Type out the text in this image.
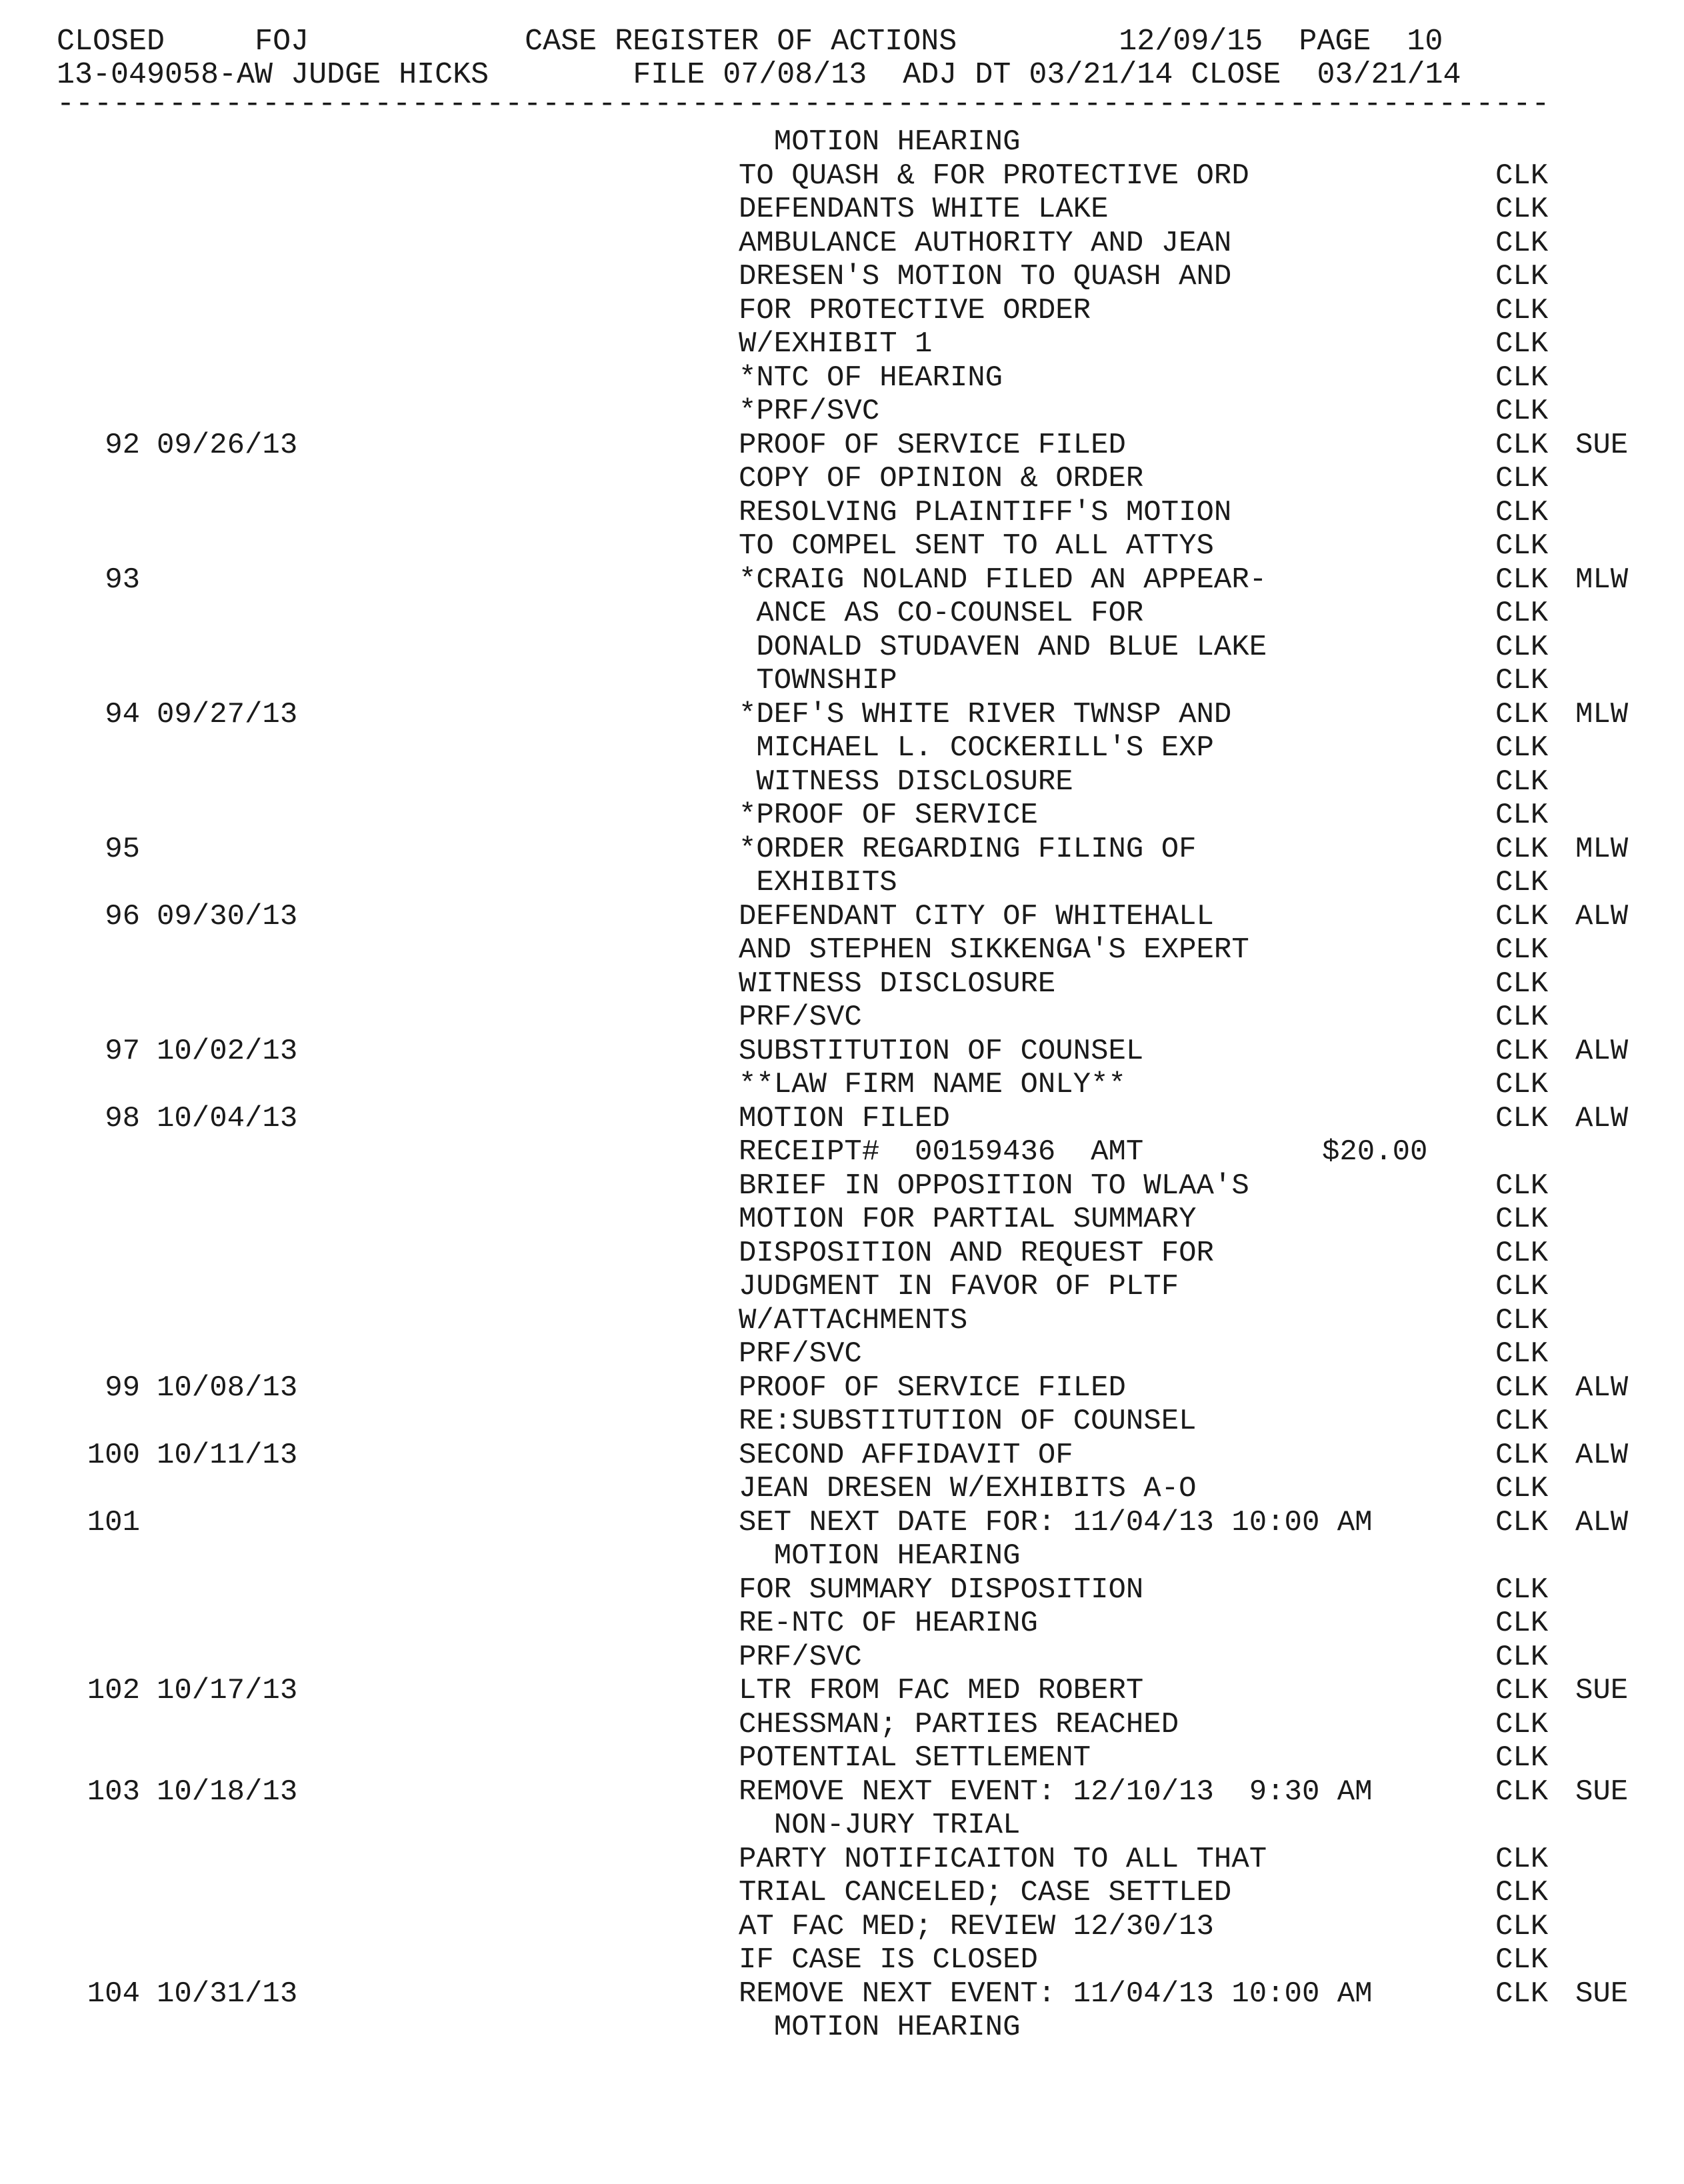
CLOSED	FOJ	CASE REGISTER OF ACTIONS	12/09/15 PAGE 10
13-049058-AW JUDGE HICKS	FILE 07/08/13 ADJ DT 03/21/14 CLOSE 03/21/14
--------------------------------------------------------------------------------
MOTION HEARING
TO QUASH & FOR PROTECTIVE ORD	CLK
DEFENDANTS WHITE LAKE	CLK
AMBULANCE AUTHORITY AND JEAN	CLK
DRESEN'S MOTION TO QUASH AND	CLK
FOR PROTECTIVE ORDER	CLK
W/EXHIBIT 1	CLK
*NTC OF HEARING	CLK
*PRF/SVC	CLK
92 09/26/13	PROOF OF SERVICE FILED	CLK SUE
COPY OF OPINION & ORDER	CLK
RESOLVING PLAINTIFF'S MOTION	CLK
TO COMPEL SENT TO ALL ATTYS	CLK
93	*CRAIG NOLAND FILED AN APPEAR-	CLK MLW
ANCE AS CO-COUNSEL FOR	CLK
DONALD STUDAVEN AND BLUE LAKE	CLK
TOWNSHIP	CLK
94 09/27/13	*DEF'S WHITE RIVER TWNSP AND	CLK MLW
MICHAEL L. COCKERILL'S EXP	CLK
WITNESS DISCLOSURE	CLK
*PROOF OF SERVICE	CLK
95	*ORDER REGARDING FILING OF	CLK MLW
EXHIBITS	CLK
96 09/30/13	DEFENDANT CITY OF WHITEHALL	CLK ALW
AND STEPHEN SIKKENGA'S EXPERT	CLK
WITNESS DISCLOSURE	CLK
PRF/SVC	CLK
97 10/02/13	SUBSTITUTION OF COUNSEL	CLK ALW
**LAW FIRM NAME ONLY**	CLK
98 10/04/13	MOTION FILED	CLK ALW
RECEIPT#  00159436  AMT	$20.00
BRIEF IN OPPOSITION TO WLAA'S	CLK
MOTION FOR PARTIAL SUMMARY	CLK
DISPOSITION AND REQUEST FOR	CLK
JUDGMENT IN FAVOR OF PLTF	CLK
W/ATTACHMENTS	CLK
PRF/SVC	CLK
99 10/08/13	PROOF OF SERVICE FILED	CLK ALW
RE:SUBSTITUTION OF COUNSEL	CLK
100 10/11/13	SECOND AFFIDAVIT OF	CLK ALW
JEAN DRESEN W/EXHIBITS A-O	CLK
101	SET NEXT DATE FOR: 11/04/13 10:00 AM	CLK ALW
MOTION HEARING
FOR SUMMARY DISPOSITION	CLK
RE-NTC OF HEARING	CLK
PRF/SVC	CLK
102 10/17/13	LTR FROM FAC MED ROBERT	CLK SUE
CHESSMAN; PARTIES REACHED	CLK
POTENTIAL SETTLEMENT	CLK
103 10/18/13	REMOVE NEXT EVENT: 12/10/13  9:30 AM	CLK SUE
NON-JURY TRIAL
PARTY NOTIFICAITON TO ALL THAT	CLK
TRIAL CANCELED; CASE SETTLED	CLK
AT FAC MED; REVIEW 12/30/13	CLK
IF CASE IS CLOSED	CLK
104 10/31/13	REMOVE NEXT EVENT: 11/04/13 10:00 AM	CLK SUE
MOTION HEARING
